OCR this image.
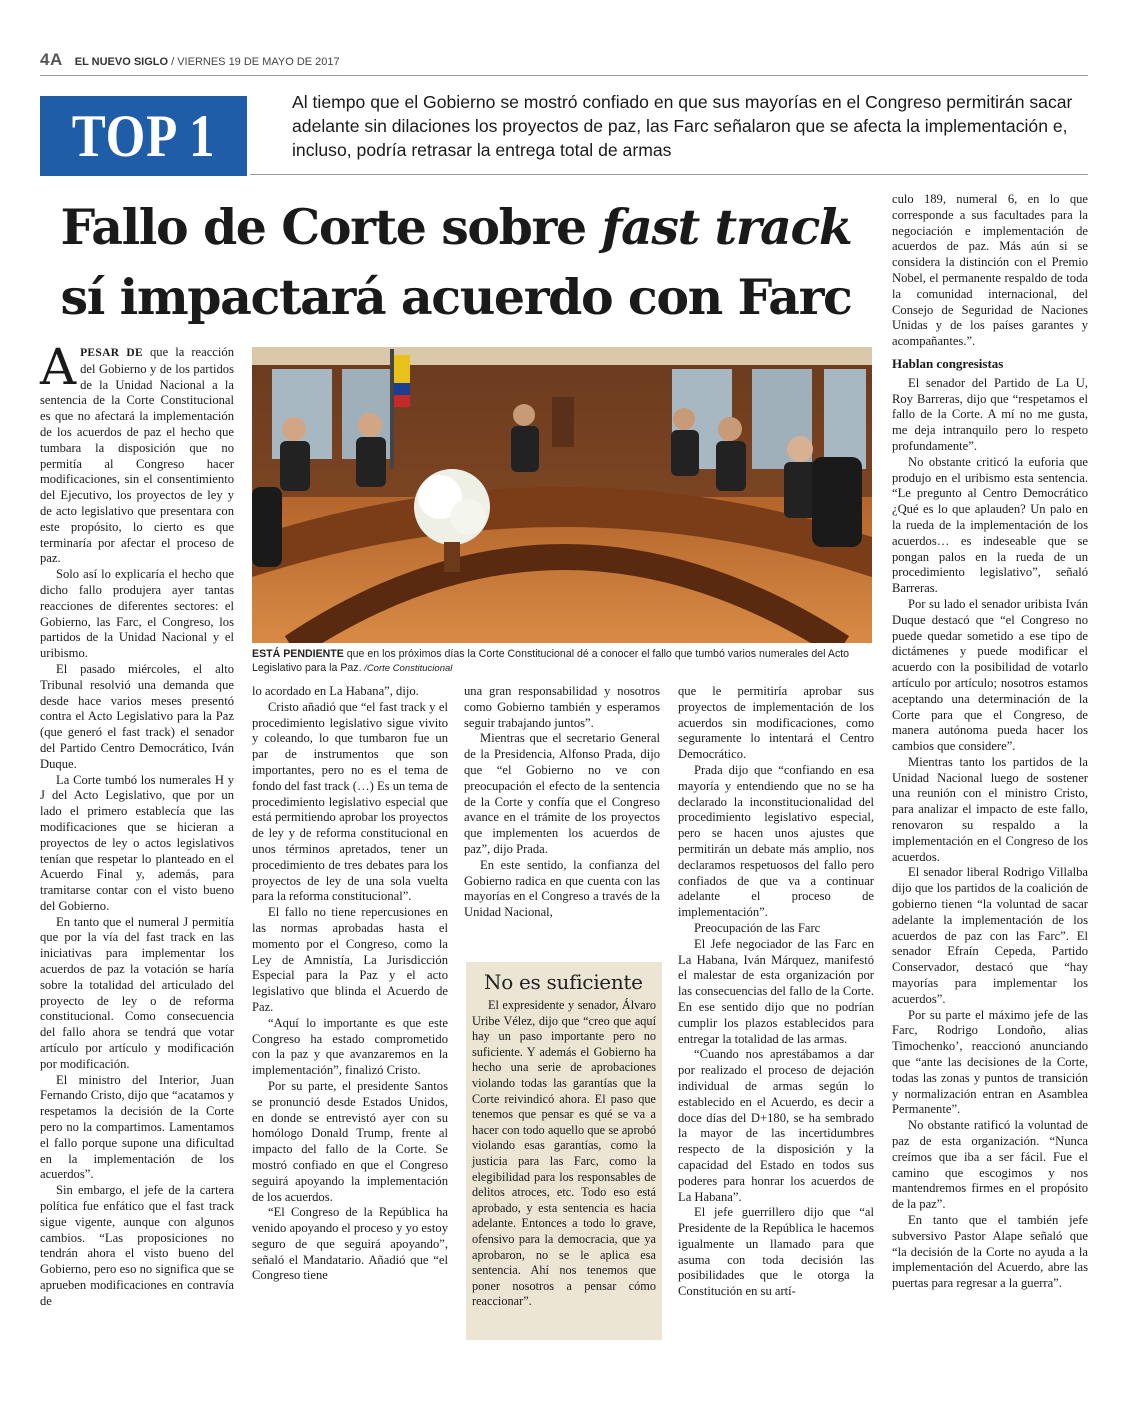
4A EL NUEVO SIGLO / VIERNES 19 DE MAYO DE 2017
TOP 1
Al tiempo que el Gobierno se mostró confiado en que sus mayorías en el Congreso permitirán sacar adelante sin dilaciones los proyectos de paz, las Farc señalaron que se afecta la implementación e, incluso, podría retrasar la entrega total de armas
Fallo de Corte sobre fast track
sí impactará acuerdo con Farc

APESAR DE que la reacción del Gobierno y de los partidos de la Unidad Nacional a la sentencia de la Corte Constitucional es que no afectará la implementación de los acuerdos de paz el hecho que tumbara la disposición que no permitía al Congreso hacer modificaciones, sin el consentimiento del Ejecutivo, los proyectos de ley y de acto legislativo que presentara con este propósito, lo cierto es que terminaría por afectar el proceso de paz.

Solo así lo explicaría el hecho que dicho fallo produjera ayer tantas reacciones de diferentes sectores: el Gobierno, las Farc, el Congreso, los partidos de la Unidad Nacional y el uribismo.

El pasado miércoles, el alto Tribunal resolvió una demanda que desde hace varios meses presentó contra el Acto Legislativo para la Paz (que generó el fast track) el senador del Partido Centro Democrático, Iván Duque.

La Corte tumbó los numerales H y J del Acto Legislativo, que por un lado el primero establecía que las modificaciones que se hicieran a proyectos de ley o actos legislativos tenían que respetar lo planteado en el Acuerdo Final y, además, para tramitarse contar con el visto bueno del Gobierno.

En tanto que el numeral J permitía que por la vía del fast track en las iniciativas para implementar los acuerdos de paz la votación se haría sobre la totalidad del articulado del proyecto de ley o de reforma constitucional. Como consecuencia del fallo ahora se tendrá que votar artículo por artículo y modificación por modificación.

El ministro del Interior, Juan Fernando Cristo, dijo que “acatamos y respetamos la decisión de la Corte pero no la compartimos. Lamentamos el fallo porque supone una dificultad en la implementación de los acuerdos”.

Sin embargo, el jefe de la cartera política fue enfático que el fast track sigue vigente, aunque con algunos cambios. “Las proposiciones no tendrán ahora el visto bueno del Gobierno, pero eso no significa que se aprueben modificaciones en contravía de

ESTÁ PENDIENTE que en los próximos días la Corte Constitucional dé a conocer el fallo que tumbó varios numerales del Acto Legislativo para la Paz. /Corte Constitucional

lo acordado en La Habana”, dijo.

Cristo añadió que “el fast track y el procedimiento legislativo sigue vivito y coleando, lo que tumbaron fue un par de instrumentos que son importantes, pero no es el tema de fondo del fast track (…) Es un tema de procedimiento legislativo especial que está permitiendo aprobar los proyectos de ley y de reforma constitucional en unos términos apretados, tener un procedimiento de tres debates para los proyectos de ley de una sola vuelta para la reforma constitucional”.

El fallo no tiene repercusiones en las normas aprobadas hasta el momento por el Congreso, como la Ley de Amnistía, La Jurisdicción Especial para la Paz y el acto legislativo que blinda el Acuerdo de Paz.

“Aquí lo importante es que este Congreso ha estado comprometido con la paz y que avanzaremos en la implementación”, finalizó Cristo.

Por su parte, el presidente Santos se pronunció desde Estados Unidos, en donde se entrevistó ayer con su homólogo Donald Trump, frente al impacto del fallo de la Corte. Se mostró confiado en que el Congreso seguirá apoyando la implementación de los acuerdos.

“El Congreso de la República ha venido apoyando el proceso y yo estoy seguro de que seguirá apoyando”, señaló el Mandatario. Añadió que “el Congreso tiene

una gran responsabilidad y nosotros como Gobierno también y esperamos seguir trabajando juntos”.

Mientras que el secretario General de la Presidencia, Alfonso Prada, dijo que “el Gobierno no ve con preocupación el efecto de la sentencia de la Corte y confía que el Congreso avance en el trámite de los proyectos que implementen los acuerdos de paz”, dijo Prada.

En este sentido, la confianza del Gobierno radica en que cuenta con las mayorías en el Congreso a través de la Unidad Nacional,

No es suficiente

El expresidente y senador, Álvaro Uribe Vélez, dijo que “creo que aquí hay un paso importante pero no suficiente. Y además el Gobierno ha hecho una serie de aprobaciones violando todas las garantías que la Corte reivindicó ahora. El paso que tenemos que pensar es qué se va a hacer con todo aquello que se aprobó violando esas garantías, como la justicia para las Farc, como la elegibilidad para los responsables de delitos atroces, etc. Todo eso está aprobado, y esta sentencia es hacia adelante. Entonces a todo lo grave, ofensivo para la democracia, que ya aprobaron, no se le aplica esa sentencia. Ahí nos tenemos que poner nosotros a pensar cómo reaccionar”.

que le permitiría aprobar sus proyectos de implementación de los acuerdos sin modificaciones, como seguramente lo intentará el Centro Democrático.

Prada dijo que “confiando en esa mayoría y entendiendo que no se ha declarado la inconstitucionalidad del procedimiento legislativo especial, pero se hacen unos ajustes que permitirán un debate más amplio, nos declaramos respetuosos del fallo pero confiados de que va a continuar adelante el proceso de implementación”.

Preocupación de las Farc

El Jefe negociador de las Farc en La Habana, Iván Márquez, manifestó el malestar de esta organización por las consecuencias del fallo de la Corte. En ese sentido dijo que no podrían cumplir los plazos establecidos para entregar la totalidad de las armas.

“Cuando nos aprestábamos a dar por realizado el proceso de dejación individual de armas según lo establecido en el Acuerdo, es decir a doce días del D+180, se ha sembrado la mayor de las incertidumbres respecto de la disposición y la capacidad del Estado en todos sus poderes para honrar los acuerdos de La Habana”.

El jefe guerrillero dijo que “al Presidente de la República le hacemos igualmente un llamado para que asuma con toda decisión las posibilidades que le otorga la Constitución en su artí-

culo 189, numeral 6, en lo que corresponde a sus facultades para la negociación e implementación de acuerdos de paz. Más aún si se considera la distinción con el Premio Nobel, el permanente respaldo de toda la comunidad internacional, del Consejo de Seguridad de Naciones Unidas y de los países garantes y acompañantes.”.

Hablan congresistas

El senador del Partido de La U, Roy Barreras, dijo que “respetamos el fallo de la Corte. A mí no me gusta, me deja intranquilo pero lo respeto profundamente”.

No obstante criticó la euforia que produjo en el uribismo esta sentencia. “Le pregunto al Centro Democrático ¿Qué es lo que aplauden? Un palo en la rueda de la implementación de los acuerdos… es indeseable que se pongan palos en la rueda de un procedimiento legislativo”, señaló Barreras.

Por su lado el senador uribista Iván Duque destacó que “el Congreso no puede quedar sometido a ese tipo de dictámenes y puede modificar el acuerdo con la posibilidad de votarlo artículo por artículo; nosotros estamos aceptando una determinación de la Corte para que el Congreso, de manera autónoma pueda hacer los cambios que considere”.

Mientras tanto los partidos de la Unidad Nacional luego de sostener una reunión con el ministro Cristo, para analizar el impacto de este fallo, renovaron su respaldo a la implementación en el Congreso de los acuerdos.

El senador liberal Rodrigo Villalba dijo que los partidos de la coalición de gobierno tienen “la voluntad de sacar adelante la implementación de los acuerdos de paz con las Farc”. El senador Efraín Cepeda, Partido Conservador, destacó que “hay mayorías para implementar los acuerdos”.

Por su parte el máximo jefe de las Farc, Rodrigo Londoño, alias Timochenko’, reaccionó anunciando que “ante las decisiones de la Corte, todas las zonas y puntos de transición y normalización entran en Asamblea Permanente”.

No obstante ratificó la voluntad de paz de esta organización. “Nunca creímos que iba a ser fácil. Fue el camino que escogimos y nos mantendremos firmes en el propósito de la paz”.

En tanto que el también jefe subversivo Pastor Alape señaló que “la decisión de la Corte no ayuda a la implementación del Acuerdo, abre las puertas para regresar a la guerra”.
